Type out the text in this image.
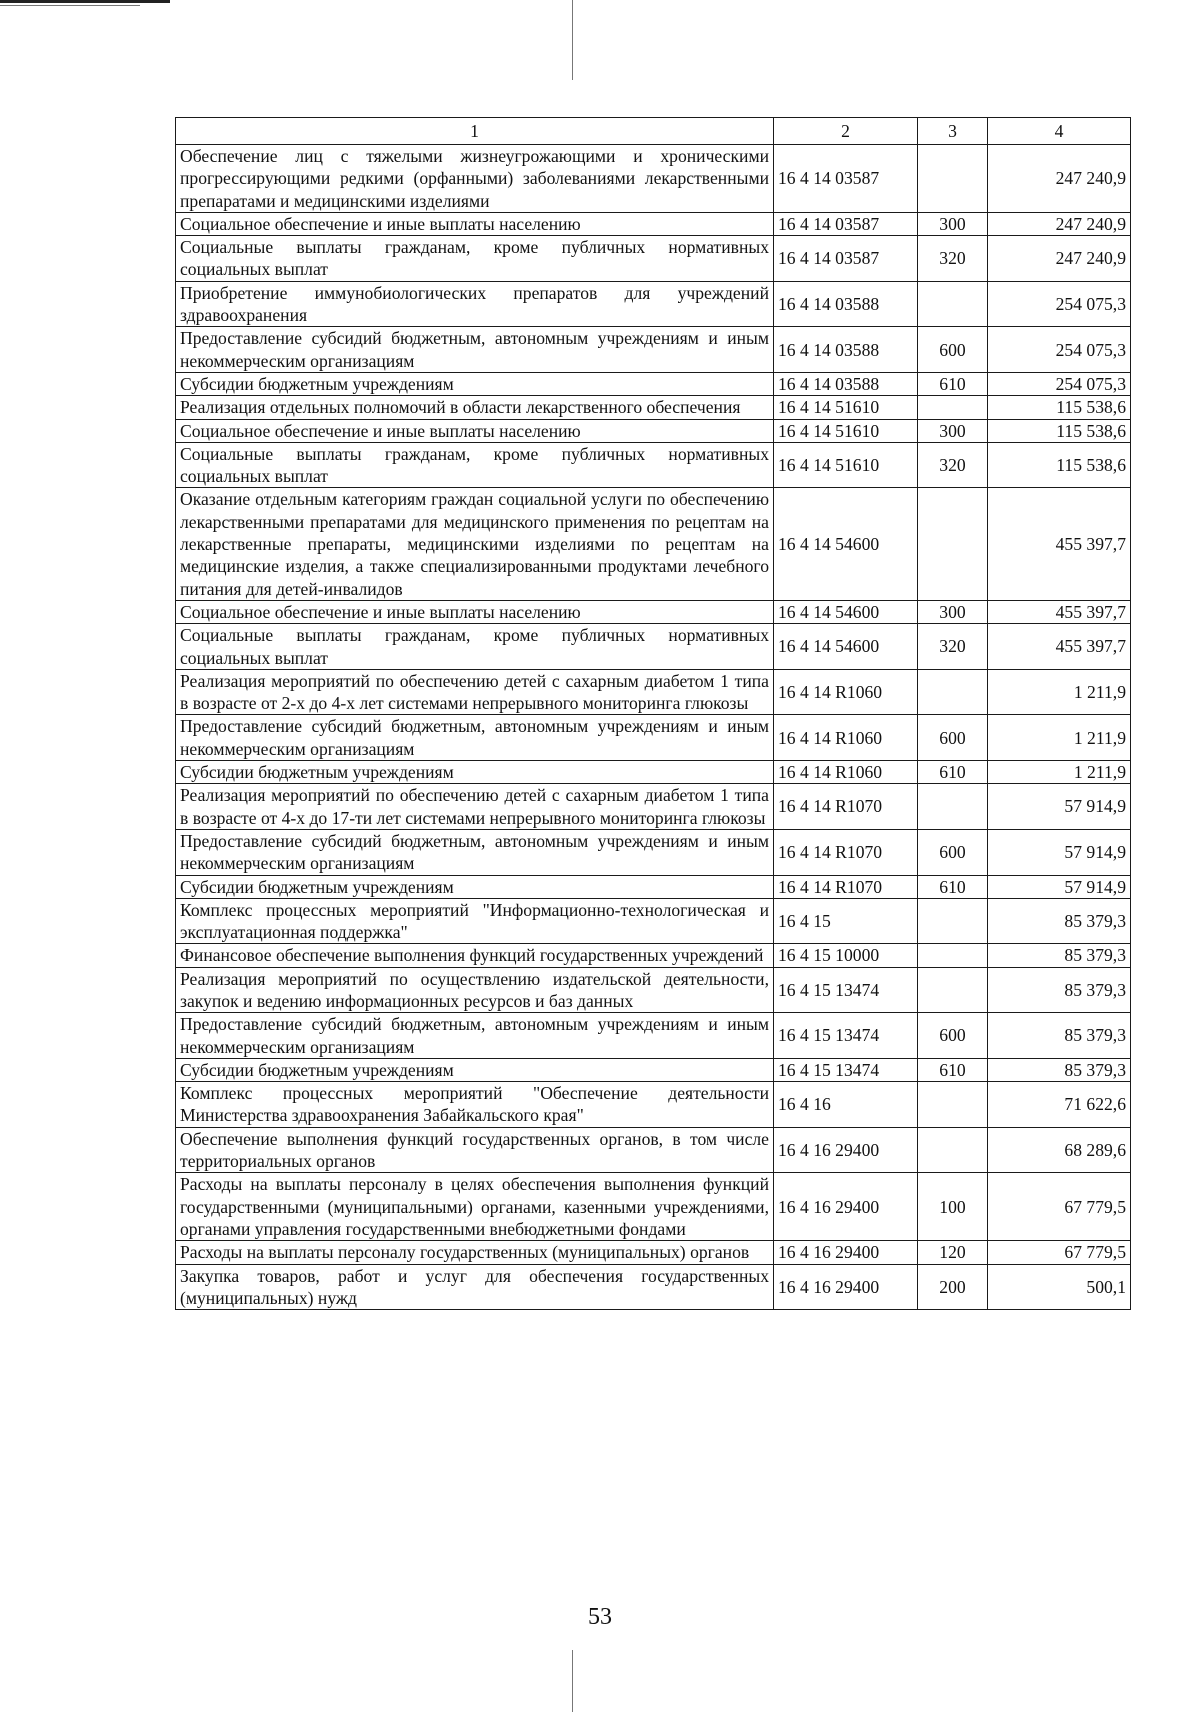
1	2	3	4
Обеспечение лиц с тяжелыми жизнеугрожающими и хроническими прогрессирующими редкими (орфанными) заболеваниями лекарственными препаратами и медицинскими изделиями	16 4 14 03587		247 240,9
Социальное обеспечение и иные выплаты населению	16 4 14 03587	300	247 240,9
Социальные выплаты гражданам, кроме публичных нормативных социальных выплат	16 4 14 03587	320	247 240,9
Приобретение иммунобиологических препаратов для учреждений здравоохранения	16 4 14 03588		254 075,3
Предоставление субсидий бюджетным, автономным учреждениям и иным некоммерческим организациям	16 4 14 03588	600	254 075,3
Субсидии бюджетным учреждениям	16 4 14 03588	610	254 075,3
Реализация отдельных полномочий в области лекарственного обеспечения	16 4 14 51610		115 538,6
Социальное обеспечение и иные выплаты населению	16 4 14 51610	300	115 538,6
Социальные выплаты гражданам, кроме публичных нормативных социальных выплат	16 4 14 51610	320	115 538,6
Оказание отдельным категориям граждан социальной услуги по обеспечению лекарственными препаратами для медицинского применения по рецептам на лекарственные препараты, медицинскими изделиями по рецептам на медицинские изделия, а также специализированными продуктами лечебного питания для детей-инвалидов	16 4 14 54600		455 397,7
Социальное обеспечение и иные выплаты населению	16 4 14 54600	300	455 397,7
Социальные выплаты гражданам, кроме публичных нормативных социальных выплат	16 4 14 54600	320	455 397,7
Реализация мероприятий по обеспечению детей с сахарным диабетом 1 типа в возрасте от 2-х до 4-х лет системами непрерывного мониторинга глюкозы	16 4 14 R1060		1 211,9
Предоставление субсидий бюджетным, автономным учреждениям и иным некоммерческим организациям	16 4 14 R1060	600	1 211,9
Субсидии бюджетным учреждениям	16 4 14 R1060	610	1 211,9
Реализация мероприятий по обеспечению детей с сахарным диабетом 1 типа в возрасте от 4-х до 17-ти лет системами непрерывного мониторинга глюкозы	16 4 14 R1070		57 914,9
Предоставление субсидий бюджетным, автономным учреждениям и иным некоммерческим организациям	16 4 14 R1070	600	57 914,9
Субсидии бюджетным учреждениям	16 4 14 R1070	610	57 914,9
Комплекс процессных мероприятий "Информационно-технологическая и эксплуатационная поддержка"	16 4 15		85 379,3
Финансовое обеспечение выполнения функций государственных учреждений	16 4 15 10000		85 379,3
Реализация мероприятий по осуществлению издательской деятельности, закупок и ведению информационных ресурсов и баз данных	16 4 15 13474		85 379,3
Предоставление субсидий бюджетным, автономным учреждениям и иным некоммерческим организациям	16 4 15 13474	600	85 379,3
Субсидии бюджетным учреждениям	16 4 15 13474	610	85 379,3
Комплекс процессных мероприятий "Обеспечение деятельности Министерства здравоохранения Забайкальского края"	16 4 16		71 622,6
Обеспечение выполнения функций государственных органов, в том числе территориальных органов	16 4 16 29400		68 289,6
Расходы на выплаты персоналу в целях обеспечения выполнения функций государственными (муниципальными) органами, казенными учреждениями, органами управления государственными внебюджетными фондами	16 4 16 29400	100	67 779,5
Расходы на выплаты персоналу государственных (муниципальных) органов	16 4 16 29400	120	67 779,5
Закупка товаров, работ и услуг для обеспечения государственных (муниципальных) нужд	16 4 16 29400	200	500,1
53
